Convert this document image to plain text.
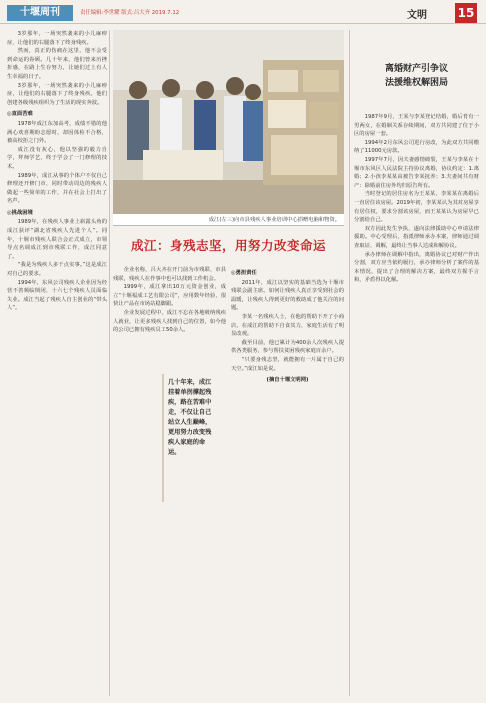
十堰周刊	责任编辑:李世耀 版式:吕大齐 2019.7.12	文明	15

3岁那年，一场突然袭来的小儿麻痹症，让他们的右腿落下了终身残疾。

然而，真正的伤痛在这里，他不会受到命运的眷顾。几十年来，他们曾来历挫折感，在路上生存努力，让她们过上有人生幸福的日子。

3岁那年，一场突然袭来的小儿麻痹症，让他们的右腿落下了终身残疾。他们创建各级残疾组织为了生活的现实奔波。

◎直面苦难

1978年成江东加高考，成绩不错的他满心欢喜期盼志愿时，却因体检不合格，被高校拒之门外。

成江没有灰心，他以坚强的毅力自学，拜师学艺，终于学会了一门修理的技术。

1989年，成江从事的个体户不仅自己修理还开修门市，同时带动周边的残疾人做起一些简单的工作，并在社会上打出了名声。

◎挑战困境

1989年，在残疾人事业上崭露头角的成江获评“湖北省残疾人先进个人”。同年，十堰市残疾人联合会正式成立，市领导点名调成江到市残联工作，成江同意了。

“我是为残疾人多干点实事。”这是成江对自己的要求。

1994年，东风公司残疾人企业因为经营不善频临倒闭，十六七个残疾人员面临失业。成江当起了残疾人自主创业的“带头人”。

成江(左三)向市县残疾人事业培训中心捐赠电脑和物资。
成江：身残志坚，用努力改变命运

企业名称，吕大齐在开门前为市残联、市县残联，残疾人在作事中也可以找到工作机会。

1999年，成江拿出10万元资金创业，成立“十堰福成工艺有限公司”，应用数年经验，很快让产品在市场站稳脚跟。

企业发展过程中，成江不忘在各地吸纳残疾人就业，让更多残疾人找到自己的位置，如今他的公司已拥有残疾员工50余人。

几十年来，成江挂着单拐撑起残疾，路在苦难中走，不仅让自己站立人生巅峰，更用努力改变残疾人家庭的命运。
◎勇担责任

2011年，成江以坚实的基础当选为十堰市残联会副主席。如何让残疾人真正享受到社会的温暖，让残疾人得到更好的救助成了他关注的问题。

李某一名残疾人士，在他的帮助下开了小商店，在成江的帮助下自食其力，家庭生活有了明显改观。

截至目前，他已累计为400余人次残疾人提供各类服务，参与帮扶贫困残疾家庭百余户。

“只要身残志坚，就能拥有一片属于自己的天空。”成江如是说。

(摘自十堰文明网)
离婚财产引争议
法援维权解困局

1987年9月，王某与李某登记结婚，婚后育有一男两女，在婚姻关系存续期间，双方共同建了位于小区的房屋一套。

1994年2月东风公司进行房改，为此双方共同缴纳了11000元房款。

1997年7月，因夫妻感情破裂，王某与李某在十堰市东风区人民法院主持协议离婚，协议约定：1.离婚；2.小孩李某某由被告李某抚养；3.夫妻间共有财产：除婚前住房外均归原告所有。

当时登记的居住房名为王某某，李某某在离婚后一直居住该房屋。2019年初，李某某认为其对房屋享有居住权，要求分割该房屋，而王某某认为房屋早已分割给自己。

双方因此发生争执，遂向法律援助中心申请法律援助。中心受理后，指派律师承办本案，律师通过调查取证、调解，最终让当事人达成和解协议。

承办律师在调解中指出，离婚协议已对财产作出分割，双方应当依约履行，承办律师分析了案件的基本情况，提出了合理的解决方案，最终双方握手言和，矛盾得以化解。
